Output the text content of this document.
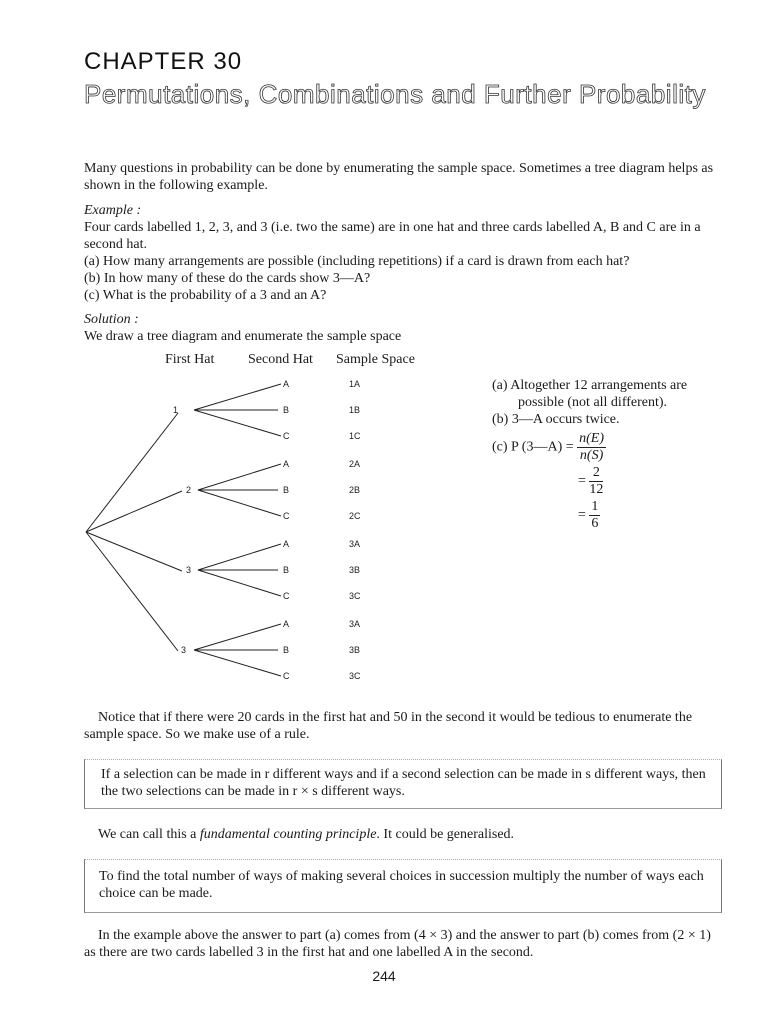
CHAPTER 30
Permutations, Combinations and Further Probability
Many questions in probability can be done by enumerating the sample space. Sometimes a tree diagram helps as shown in the following example.
Example :
Four cards labelled 1, 2, 3, and 3 (i.e. two the same) are in one hat and three cards labelled A, B and C are in a second hat.
(a) How many arrangements are possible (including repetitions) if a card is drawn from each hat?
(b) In how many of these do the cards show 3—A?
(c) What is the probability of a 3 and an A?
Solution :
We draw a tree diagram and enumerate the sample space
First Hat Second Hat Sample Space
1
2
3
3
A
B
C
A
B
C
A
B
C
A
B
C
1A
1B
1C
2A
2B
2C
3A
3B
3C
3A
3B
3C
(a) Altogether 12 arrangements are
possible (not all different).
(b) 3—A occurs twice.
(c) P (3—A) = $\frac{n(E)}{n(S)}$
= $\frac{2}{12}$
= $\frac{1}{6}$
Notice that if there were 20 cards in the first hat and 50 in the second it would be tedious to enumerate the sample space. So we make use of a rule.
If a selection can be made in r different ways and if a second selection can be made in s different ways, then the two selections can be made in r × s different ways.
We can call this a fundamental counting principle. It could be generalised.
To find the total number of ways of making several choices in succession multiply the number of ways each choice can be made.
In the example above the answer to part (a) comes from (4 × 3) and the answer to part (b) comes from (2 × 1) as there are two cards labelled 3 in the first hat and one labelled A in the second.
244
